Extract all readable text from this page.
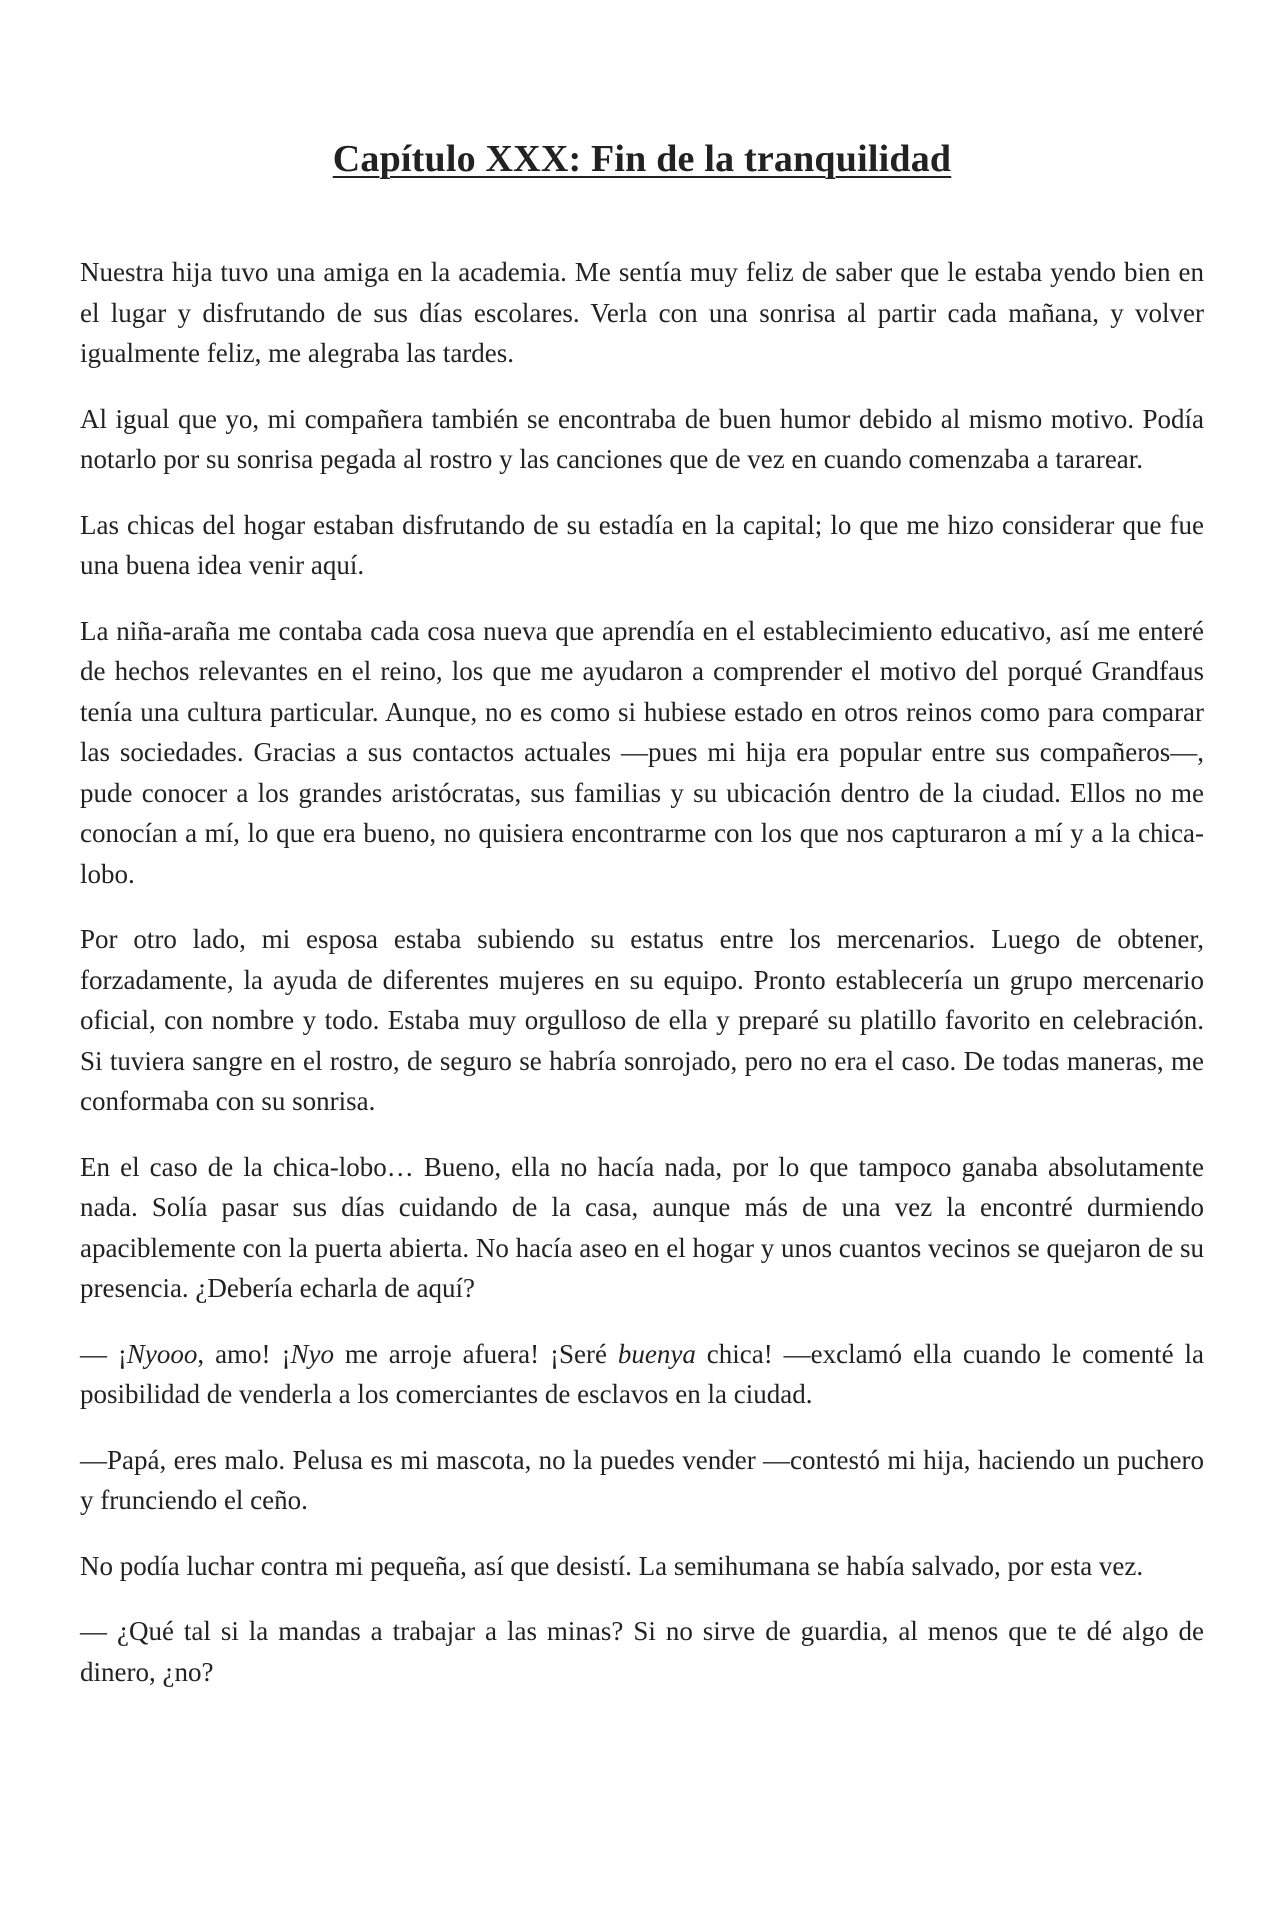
Capítulo XXX: Fin de la tranquilidad

Nuestra hija tuvo una amiga en la academia. Me sentía muy feliz de saber que le estaba yendo bien en el lugar y disfrutando de sus días escolares. Verla con una sonrisa al partir cada mañana, y volver igualmente feliz, me alegraba las tardes.

Al igual que yo, mi compañera también se encontraba de buen humor debido al mismo motivo. Podía notarlo por su sonrisa pegada al rostro y las canciones que de vez en cuando comenzaba a tararear.

Las chicas del hogar estaban disfrutando de su estadía en la capital; lo que me hizo considerar que fue una buena idea venir aquí.

La niña-araña me contaba cada cosa nueva que aprendía en el establecimiento educativo, así me enteré de hechos relevantes en el reino, los que me ayudaron a comprender el motivo del porqué Grandfaus tenía una cultura particular. Aunque, no es como si hubiese estado en otros reinos como para comparar las sociedades. Gracias a sus contactos actuales —pues mi hija era popular entre sus compañeros—, pude conocer a los grandes aristócratas, sus familias y su ubicación dentro de la ciudad. Ellos no me conocían a mí, lo que era bueno, no quisiera encontrarme con los que nos capturaron a mí y a la chica-lobo.

Por otro lado, mi esposa estaba subiendo su estatus entre los mercenarios. Luego de obtener, forzadamente, la ayuda de diferentes mujeres en su equipo. Pronto establecería un grupo mercenario oficial, con nombre y todo. Estaba muy orgulloso de ella y preparé su platillo favorito en celebración. Si tuviera sangre en el rostro, de seguro se habría sonrojado, pero no era el caso. De todas maneras, me conformaba con su sonrisa.

En el caso de la chica-lobo… Bueno, ella no hacía nada, por lo que tampoco ganaba absolutamente nada. Solía pasar sus días cuidando de la casa, aunque más de una vez la encontré durmiendo apaciblemente con la puerta abierta. No hacía aseo en el hogar y unos cuantos vecinos se quejaron de su presencia. ¿Debería echarla de aquí?

— ¡Nyooo, amo! ¡Nyo me arroje afuera! ¡Seré buenya chica! —exclamó ella cuando le comenté la posibilidad de venderla a los comerciantes de esclavos en la ciudad.

—Papá, eres malo. Pelusa es mi mascota, no la puedes vender —contestó mi hija, haciendo un puchero y frunciendo el ceño.

No podía luchar contra mi pequeña, así que desistí. La semihumana se había salvado, por esta vez.

— ¿Qué tal si la mandas a trabajar a las minas? Si no sirve de guardia, al menos que te dé algo de dinero, ¿no?
